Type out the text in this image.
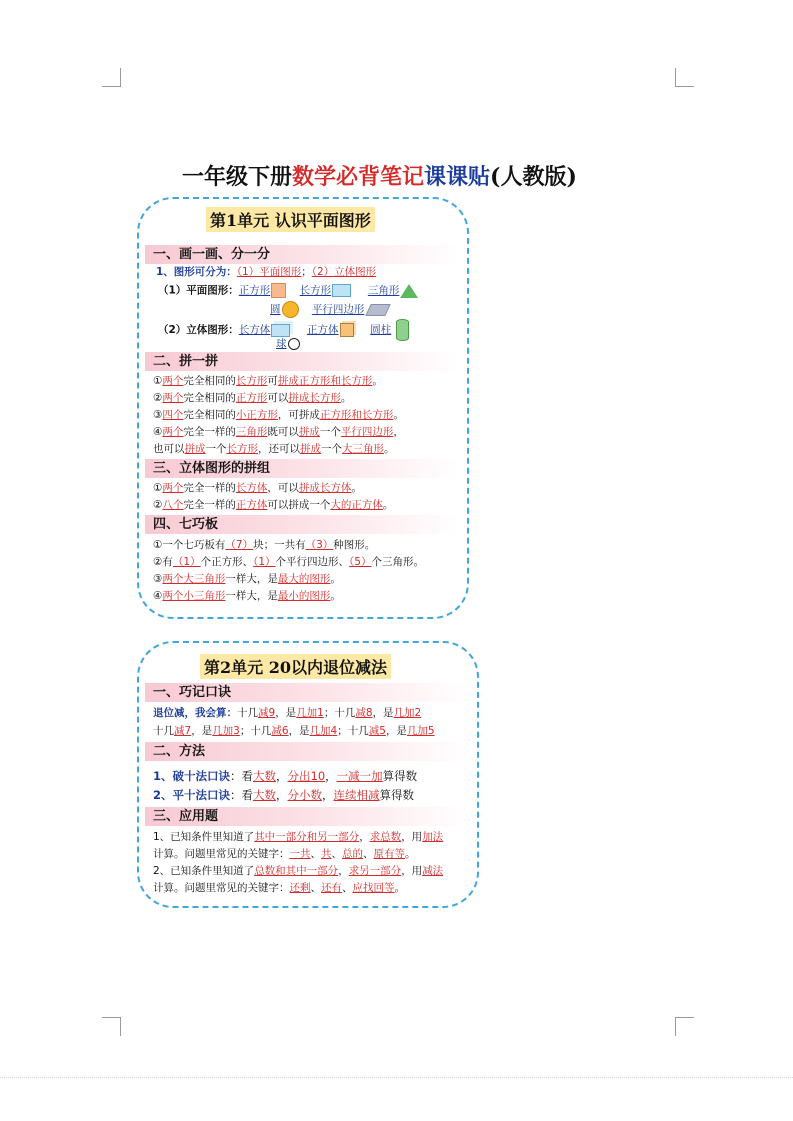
一年级下册数学必背笔记课课贴(人教版)
第1单元 认识平面图形
一、画一画、分一分
1、图形可分为：（1）平面图形；（2）立体图形
（1）平面图形：正方形	长方形	三角形
圆	平行四边形
（2）立体图形：长方体	正方体	圆柱
球
二、拼一拼
①两个完全相同的长方形可拼成正方形和长方形。
②两个完全相同的正方形可以拼成长方形。
③四个完全相同的小正方形，可拼成正方形和长方形。
④两个完全一样的三角形既可以拼成一个平行四边形，
也可以拼成一个长方形，还可以拼成一个大三角形。
三、立体图形的拼组
①两个完全一样的长方体，可以拼成长方体。
②八个完全一样的正方体可以拼成一个大的正方体。
四、七巧板
①一个七巧板有（7）块；一共有（3）种图形。
②有（1）个正方形、（1）个平行四边形、（5）个三角形。
③两个大三角形一样大，是最大的图形。
④两个小三角形一样大，是最小的图形。
第2单元 20以内退位减法
一、巧记口诀
退位减，我会算：十几减9，是几加1；十几减8，是几加2
十几减7，是几加3；十几减6，是几加4；十几减5，是几加5
二、方法
1、破十法口诀：看大数，分出10，一减一加算得数
2、平十法口诀：看大数，分小数，连续相减算得数
三、应用题
1、已知条件里知道了其中一部分和另一部分，求总数，用加法
计算。问题里常见的关键字：一共、共、总的、原有等。
2、已知条件里知道了总数和其中一部分，求另一部分，用减法
计算。问题里常见的关键字：还剩、还有、应找回等。
